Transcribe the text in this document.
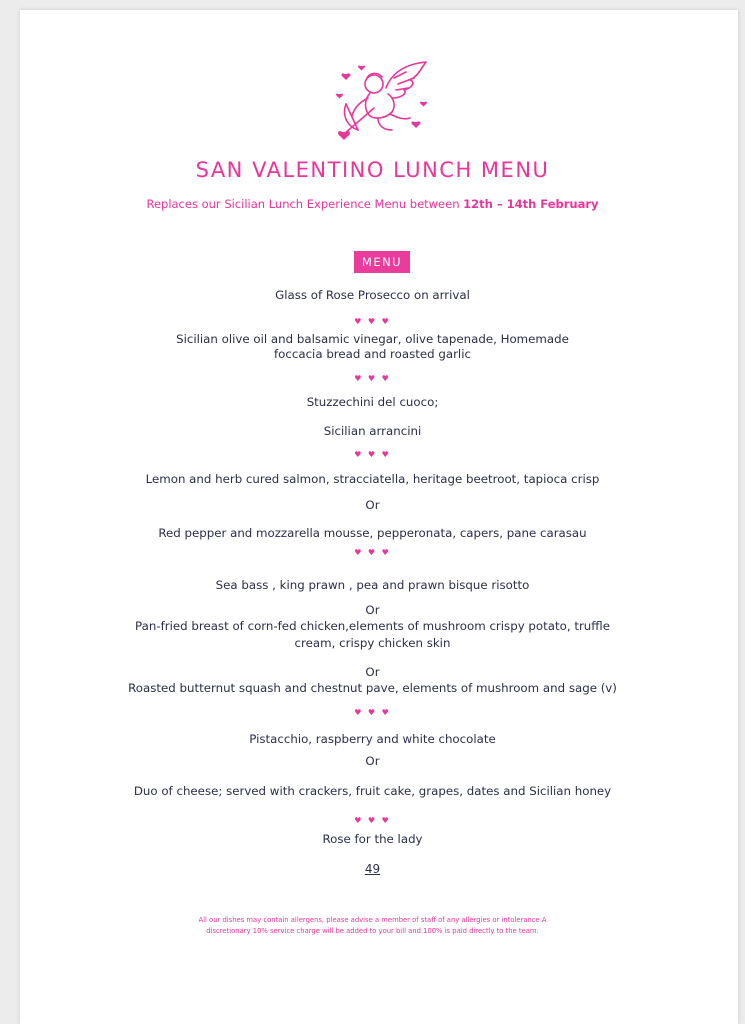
SAN VALENTINO LUNCH MENU
Replaces our Sicilian Lunch Experience Menu between 12th – 14th February
MENU
Glass of Rose Prosecco on arrival
♥ ♥ ♥
Sicilian olive oil and balsamic vinegar, olive tapenade, Homemade
foccacia bread and roasted garlic
♥ ♥ ♥
Stuzzechini del cuoco;
Sicilian arrancini
♥ ♥ ♥
Lemon and herb cured salmon, stracciatella, heritage beetroot, tapioca crisp
Or
Red pepper and mozzarella mousse, pepperonata, capers, pane carasau
♥ ♥ ♥
Sea bass , king prawn , pea and prawn bisque risotto
Or
Pan-fried breast of corn-fed chicken,elements of mushroom crispy potato, truffle
cream, crispy chicken skin
Or
Roasted butternut squash and chestnut pave, elements of mushroom and sage (v)
♥ ♥ ♥
Pistacchio, raspberry and white chocolate
Or
Duo of cheese; served with crackers, fruit cake, grapes, dates and Sicilian honey
♥ ♥ ♥
Rose for the lady
49
All our dishes may contain allergens, please advise a member of staff of any allergies or intolerance A
discretionary 10% service charge will be added to your bill and 100% is paid directly to the team.
